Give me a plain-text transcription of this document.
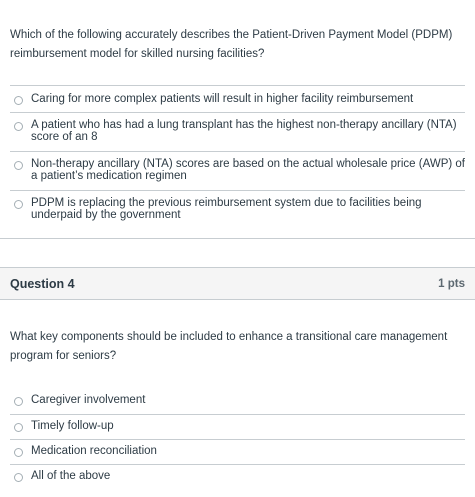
Which of the following accurately describes the Patient-Driven Payment Model (PDPM) reimbursement model for skilled nursing facilities?
Caring for more complex patients will result in higher facility reimbursement
A patient who has had a lung transplant has the highest non-therapy ancillary (NTA) score of an 8
Non-therapy ancillary (NTA) scores are based on the actual wholesale price (AWP) of a patient’s medication regimen
PDPM is replacing the previous reimbursement system due to facilities being underpaid by the government
Question 4	1 pts
What key components should be included to enhance a transitional care management program for seniors?
Caregiver involvement
Timely follow-up
Medication reconciliation
All of the above
